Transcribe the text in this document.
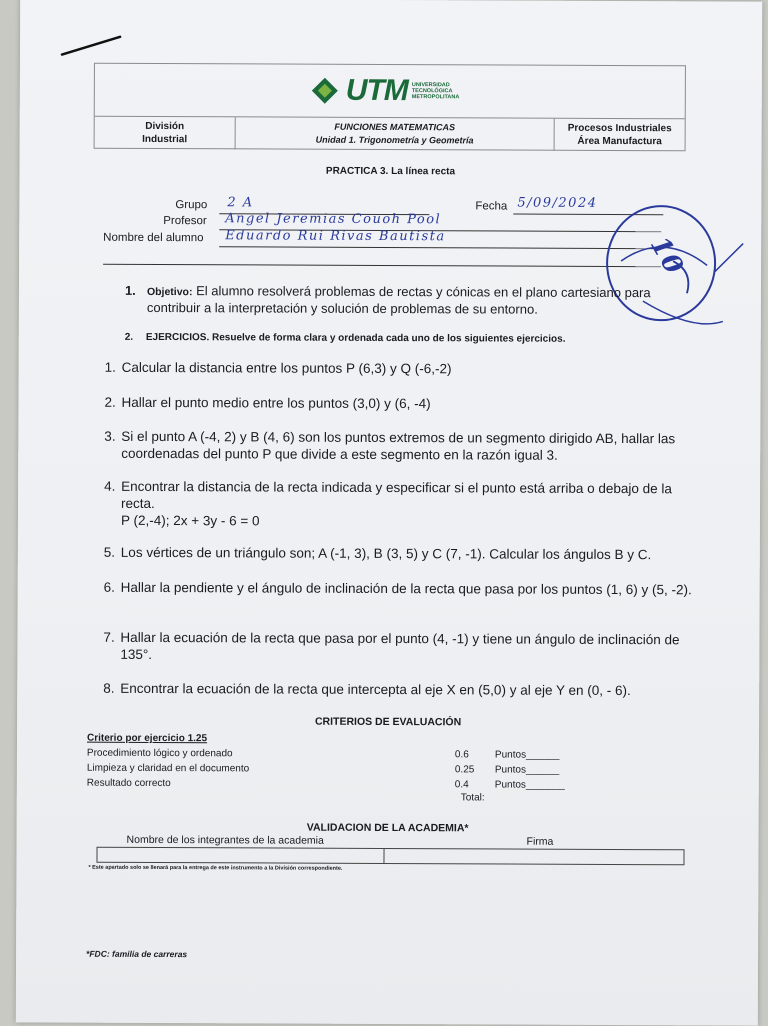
UTM UNIVERSIDAD
TECNOLÓGICA
METROPOLITANA
División
Industrial
FUNCIONES MATEMATICAS
Unidad 1. Trigonometría y Geometría
Procesos Industriales
Área Manufactura
PRACTICA 3. La línea recta
Grupo 2 A	Fecha 5/09/2024
Profesor Angel Jeremias Couoh Pool
Nombre del alumno Eduardo Rui Rivas Bautista	10
1. Objetivo: El alumno resolverá problemas de rectas y cónicas en el plano cartesiano para contribuir a la interpretación y solución de problemas de su entorno.
2. EJERCICIOS. Resuelve de forma clara y ordenada cada uno de los siguientes ejercicios.
1. Calcular la distancia entre los puntos P (6,3) y Q (-6,-2)
2. Hallar el punto medio entre los puntos (3,0) y (6, -4)
3. Si el punto A (-4, 2) y B (4, 6) son los puntos extremos de un segmento dirigido AB, hallar las coordenadas del punto P que divide a este segmento en la razón igual 3.
4. Encontrar la distancia de la recta indicada y especificar si el punto está arriba o debajo de la recta.
P (2,-4); 2x + 3y - 6 = 0
5. Los vértices de un triángulo son; A (-1, 3), B (3, 5) y C (7, -1). Calcular los ángulos B y C.
6. Hallar la pendiente y el ángulo de inclinación de la recta que pasa por los puntos (1, 6) y (5, -2).
7. Hallar la ecuación de la recta que pasa por el punto (4, -1) y tiene un ángulo de inclinación de 135°.
8. Encontrar la ecuación de la recta que intercepta al eje X en (5,0) y al eje Y en (0, - 6).
CRITERIOS DE EVALUACIÓN
Criterio por ejercicio 1.25
Procedimiento lógico y ordenado	0.6	Puntos______
Limpieza y claridad en el documento	0.25	Puntos______
Resultado correcto	0.4	Puntos_______
Total:
VALIDACION DE LA ACADEMIA*
Nombre de los integrantes de la academia	Firma
* Este apartado solo se llenará para la entrega de este instrumento a la División correspondiente.
*FDC: familia de carreras
